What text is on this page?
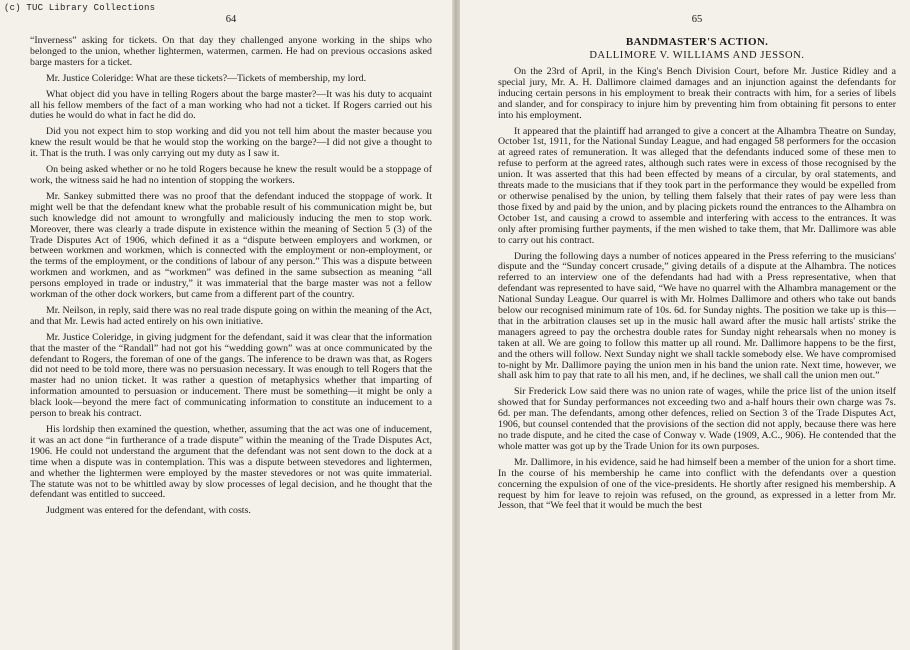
(c) TUC Library Collections
64

“Inverness” asking for tickets. On that day they challenged anyone working in the ships who belonged to the union, whether lightermen, watermen, carmen. He had on previous occasions asked barge masters for a ticket.

Mr. Justice Coleridge: What are these tickets?—Tickets of membership, my lord.

What object did you have in telling Rogers about the barge master?—It was his duty to acquaint all his fellow members of the fact of a man working who had not a ticket. If Rogers carried out his duties he would do what in fact he did do.

Did you not expect him to stop working and did you not tell him about the master because you knew the result would be that he would stop the working on the barge?—I did not give a thought to it. That is the truth. I was only carrying out my duty as I saw it.

On being asked whether or no he told Rogers because he knew the result would be a stoppage of work, the witness said he had no intention of stopping the workers.

Mr. Sankey submitted there was no proof that the defendant induced the stoppage of work. It might well be that the defendant knew what the probable result of his communication might be, but such knowledge did not amount to wrongfully and maliciously inducing the men to stop work. Moreover, there was clearly a trade dispute in existence within the meaning of Section 5 (3) of the Trade Disputes Act of 1906, which defined it as a “dispute between employers and workmen, or between workmen and workmen, which is connected with the employment or non-employment, or the terms of the employment, or the conditions of labour of any person.” This was a dispute between workmen and workmen, and as “workmen” was defined in the same subsection as meaning “all persons employed in trade or industry,” it was immaterial that the barge master was not a fellow workman of the other dock workers, but came from a different part of the country.

Mr. Neilson, in reply, said there was no real trade dispute going on within the meaning of the Act, and that Mr. Lewis had acted entirely on his own initiative.

Mr. Justice Coleridge, in giving judgment for the defendant, said it was clear that the information that the master of the “Randall” had not got his “wedding gown” was at once communicated by the defendant to Rogers, the foreman of one of the gangs. The inference to be drawn was that, as Rogers did not need to be told more, there was no persuasion necessary. It was enough to tell Rogers that the master had no union ticket. It was rather a question of metaphysics whether that imparting of information amounted to persuasion or inducement. There must be something—it might be only a black look—beyond the mere fact of communicating information to constitute an inducement to a person to break his contract.

His lordship then examined the question, whether, assuming that the act was one of inducement, it was an act done “in furtherance of a trade dispute” within the meaning of the Trade Disputes Act, 1906. He could not understand the argument that the defendant was not sent down to the dock at a time when a dispute was in contemplation. This was a dispute between stevedores and lightermen, and whether the lightermen were employed by the master stevedores or not was quite immaterial. The statute was not to be whittled away by slow processes of legal decision, and he thought that the defendant was entitled to succeed.

Judgment was entered for the defendant, with costs.

65
BANDMASTER'S ACTION.
DALLIMORE V. WILLIAMS AND JESSON.

On the 23rd of April, in the King's Bench Division Court, before Mr. Justice Ridley and a special jury, Mr. A. H. Dallimore claimed damages and an injunction against the defendants for inducing certain persons in his employment to break their contracts with him, for a series of libels and slander, and for conspiracy to injure him by preventing him from obtaining fit persons to enter into his employment.

It appeared that the plaintiff had arranged to give a concert at the Alhambra Theatre on Sunday, October 1st, 1911, for the National Sunday League, and had engaged 58 performers for the occasion at agreed rates of remuneration. It was alleged that the defendants induced some of these men to refuse to perform at the agreed rates, although such rates were in excess of those recognised by the union. It was asserted that this had been effected by means of a circular, by oral statements, and threats made to the musicians that if they took part in the performance they would be expelled from or otherwise penalised by the union, by telling them falsely that their rates of pay were less than those fixed by and paid by the union, and by placing pickets round the entrances to the Alhambra on October 1st, and causing a crowd to assemble and interfering with access to the entrances. It was only after promising further payments, if the men wished to take them, that Mr. Dallimore was able to carry out his contract.

During the following days a number of notices appeared in the Press referring to the musicians' dispute and the “Sunday concert crusade,” giving details of a dispute at the Alhambra. The notices referred to an interview one of the defendants had had with a Press representative, when that defendant was represented to have said, “We have no quarrel with the Alhambra management or the National Sunday League. Our quarrel is with Mr. Holmes Dallimore and others who take out bands below our recognised minimum rate of 10s. 6d. for Sunday nights. The position we take up is this—that in the arbitration clauses set up in the music hall award after the music hall artists' strike the managers agreed to pay the orchestra double rates for Sunday night rehearsals when no money is taken at all. We are going to follow this matter up all round. Mr. Dallimore happens to be the first, and the others will follow. Next Sunday night we shall tackle somebody else. We have compromised to-night by Mr. Dallimore paying the union men in his band the union rate. Next time, however, we shall ask him to pay that rate to all his men, and, if he declines, we shall call the union men out.”

Sir Frederick Low said there was no union rate of wages, while the price list of the union itself showed that for Sunday performances not exceeding two and a-half hours their own charge was 7s. 6d. per man. The defendants, among other defences, relied on Section 3 of the Trade Disputes Act, 1906, but counsel contended that the provisions of the section did not apply, because there was here no trade dispute, and he cited the case of Conway v. Wade (1909, A.C., 906). He contended that the whole matter was got up by the Trade Union for its own purposes.

Mr. Dallimore, in his evidence, said he had himself been a member of the union for a short time. In the course of his membership he came into conflict with the defendants over a question concerning the expulsion of one of the vice-presidents. He shortly after resigned his membership. A request by him for leave to rejoin was refused, on the ground, as expressed in a letter from Mr. Jesson, that “We feel that it would be much the best
